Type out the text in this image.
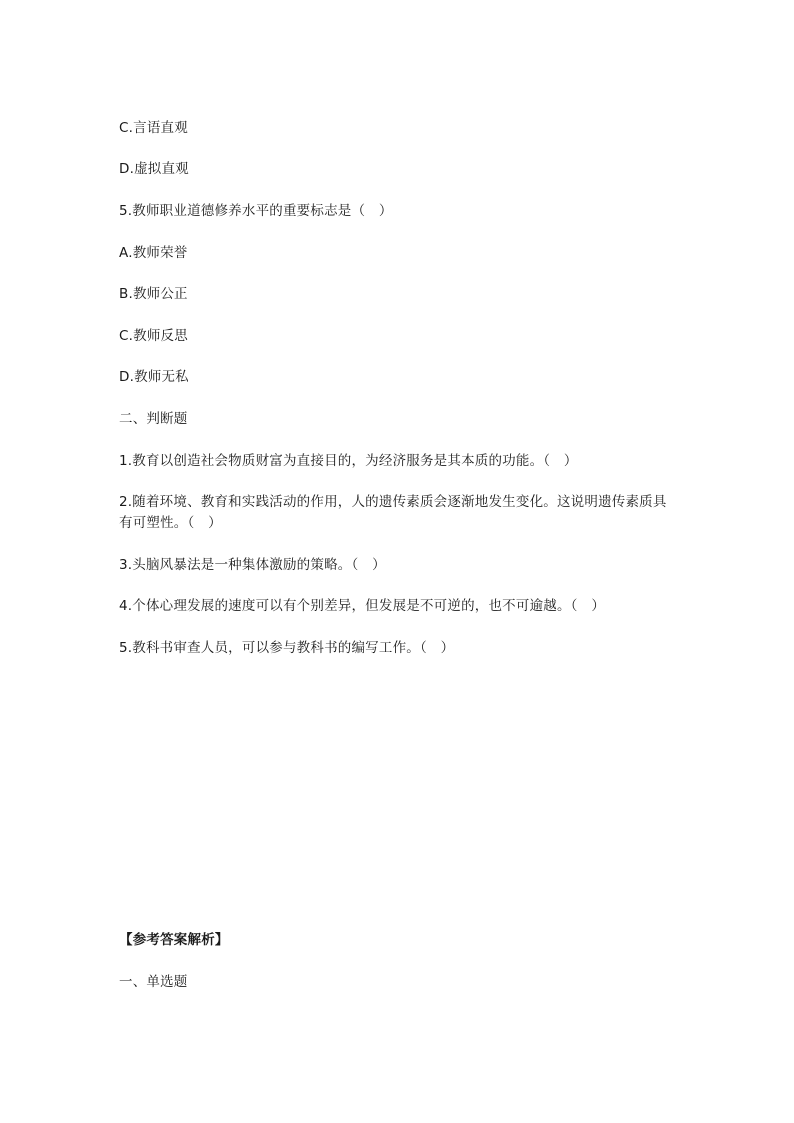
C.言语直观
D.虚拟直观
5.教师职业道德修养水平的重要标志是（　）
A.教师荣誉
B.教师公正
C.教师反思
D.教师无私
二、判断题
1.教育以创造社会物质财富为直接目的，为经济服务是其本质的功能。（　）
2.随着环境、教育和实践活动的作用，人的遗传素质会逐渐地发生变化。这说明遗传素质具有可塑性。（　）
3.头脑风暴法是一种集体激励的策略。（　）
4.个体心理发展的速度可以有个别差异，但发展是不可逆的，也不可逾越。（　）
5.教科书审查人员，可以参与教科书的编写工作。（　）
【参考答案解析】
一、单选题
